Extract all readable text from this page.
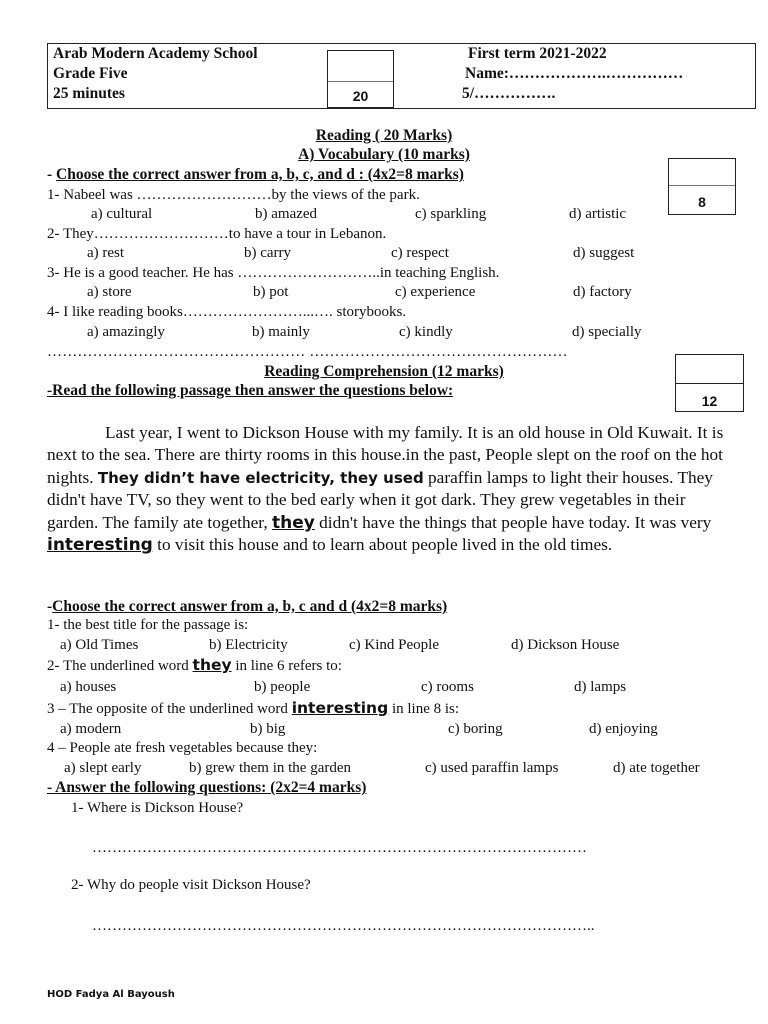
Arab Modern Academy School
Grade Five
25 minutes	20
First term 2021-2022
Name:……………….……………
5/…………….
Reading ( 20 Marks)
A) Vocabulary (10 marks)
- Choose the correct answer from a, b, c, and d : (4x2=8 marks)
8
1- Nabeel was ………………………by the views of the park.
a) cultural	b) amazed	c) sparkling	d) artistic
2- They………………………to have a tour in Lebanon.
a) rest	b) carry	c) respect	d) suggest
3- He is a good teacher. He has ………………………..in teaching English.
a) store	b) pot	c) experience	d) factory
4- I like reading books……………………...…. storybooks.
a) amazingly	b) mainly	c) kindly	d) specially
…………………………………………… ……………………………………………
12
Reading Comprehension (12 marks)
-Read the following passage then answer the questions below:

Last year, I went to Dickson House with my family. It is an old house in Old Kuwait. It is next to the sea. There are thirty rooms in this house.in the past, People slept on the roof on the hot nights. They didn’t have electricity, they used paraffin lamps to light their houses. They didn't have TV, so they went to the bed early when it got dark. They grew vegetables in their garden. The family ate together, they didn't have the things that people have today. It was very interesting to visit this house and to learn about people lived in the old times.

-Choose the correct answer from a, b, c and d (4x2=8 marks)
1- the best title for the passage is:
a) Old Times	b) Electricity	c) Kind People	d) Dickson House
2- The underlined word they in line 6 refers to:
a) houses	b) people	c) rooms	d) lamps
3 – The opposite of the underlined word interesting in line 8 is:
a) modern	b) big	c) boring	d) enjoying
4 – People ate fresh vegetables because they:
a) slept early	b) grew them in the garden	c) used paraffin lamps	d) ate together
- Answer the following questions: (2x2=4 marks)
1- Where is Dickson House?
………………………………………………………………………………………
2- Why do people visit Dickson House?
………………………………………………………………………………………..
HOD Fadya Al Bayoush
